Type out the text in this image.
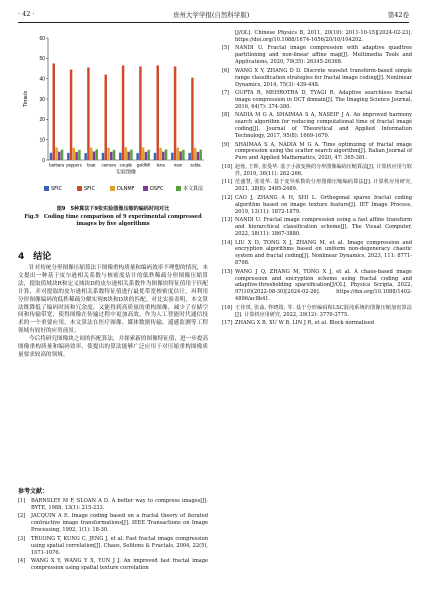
· 42 ·	贵州大学学报(自然科学版)	第42卷
0
10
20
30
40
50
60
Time/s
barbara peppers boat camera couple goldhill lena man zelda
实验图像
SFIC	SFIC	DLNMF	OSFC	本文算法
图9　5种算法下9张实验图像压缩的编码时间对比
Fig.9　Coding time comparison of 9 experimental compressed images by five algorithms
4　结论

针对传统分形图像压缩算法下图像重构质量和编码效率不理想的情况，本文提出一种基于皮尔逊相关系数与核密度估计的低秩稀疏分形图像压缩算法，提取值域块R和定义域块D的皮尔逊相关系数作为图像块特征值用于匹配计算，并对提取的皮尔逊相关系数特征值进行最优带宽核密度估计，再利用分形图像编码的低秩稀疏分解实现R块和D块的匹配。对比实验表明，本文算法既降低了编码时间和冗余度，又能得到高质量的重构图像，减少了存储空间和传输带宽，使得图像在传输过程中更加高效。作为人工智能时代通信技术的一个重要应用，本文算法在医疗图像、媒体数据传输、遥感监测等工程领域有较好的应用前景。

今后将研究图像块之间的匹配算法，并探索新的图像特征值，进一步提高图像重构质量和编码效率，使提出的算法能够广泛应用于对压缩重构图像质量要求较高的领域。

参考文献：
[1]	BARNSLEY M F, SLOAN A D. A better way to compress images[J]. BYTE, 1988, 13(1): 215-233.
[2]	JACQUIN A E. Image coding based on a fractal theory of iterated contractive image transformations[J]. IEEE Transactions on Image Processing, 1992, 1(1): 18-30.
[3]	TRUONG T, KUNG C, JENG J, et al. Fast fractal image compression using spatial correlation[J]. Chaos, Solitons & Fractals, 2004, 22(5), 1071-1076.
[4]	WANG X Y, WANG Y X, YUN J J. An improved fast fractal image compression using spatial texture correlation
[J/OL]. Chinese Physics B, 2011, 20(10): 2011-10-15][2024-02-23]. https://doi.org/10.1088/1674-1056/20/10/104202.
[5]	NANDI U. Fractal image compression with adaptive quadtree partitioning and non-linear affine map[J]. Multimedia Tools and Applications, 2020, 79(35): 26345-26368.
[6]	WANG X Y, ZHANG D D. Discrete wavelet transform-based simple range classification strategies for fractal image coding[J]. Nonlinear Dynamics, 2014, 75(3): 439-448.
[7]	GUPTA R, MEHROTRA D, TYAGI R. Adaptive searchless fractal image compression in DCT domain[J]. The Imaging Science Journal, 2016, 64(7): 374-380.
[8]	NADIA M G A, SHAIMAA S A, NASEIF J A. An improved harmony search algorithm for reducing computational time of fractal image coding[J]. Journal of Theoretical and Applied Information Technology, 2017, 95(8): 1669-1679.
[9]	SHAIMAA S A, NADIA M G A. Time optimizing of fractal image compression using the scatter search algorithm[J]. Italian Journal of Pure and Applied Mathematics, 2020, 47: 365-381.
[10] 赵蓉, 王晖, 张曼华. 基于小波变换的分形图像编码压缩算法[J]. 计算机应用与软件, 2019, 36(11): 262-266.
[11] 范盛慧, 张曼华. 基于变异系数的分形图像压缩编码算法[J]. 计算机应用研究, 2021, 38(8): 2485-2489.
[12] CAO J, ZHANG A H, SHI L. Orthogonal sparse fractal coding algorithm based on image texture feature[J]. IET Image Process, 2019, 13(11): 1872-1879.
[13] NANDI U. Fractal image compression using a fast affine transform and hierarchical classification scheme[J]. The Visual Computer, 2022, 38(11): 3867-3880.
[14] LIU X D, TONG X J, ZHANG M, et al. Image compression and encryption algorithms based on uniform non-degeneracy chaotic system and fractal coding[J]. Nonlinear Dynamics, 2023, 111: 8771-8798.
[15] WANG J Q, ZHANG M, TONG X J, et al. A chaos-based image compression and encryption scheme using fractal coding and adaptive-thresholding sparsification[J/OL]. Physica Scripta, 2022, 97(10)(2022-08-30)[2024-02-26]. https://doi.org/10.1088/1402-4896/ac8b41.
[16] 王佳琪, 张淼, 佟晓筠, 等. 基于分形编码和LSC混沌系统的图像压缩加密算法[J]. 计算机应用研究, 2022, 39(12): 3770-3775.
[17] ZHANG X B, XU W B, LIN J R, et al. Block normalised
